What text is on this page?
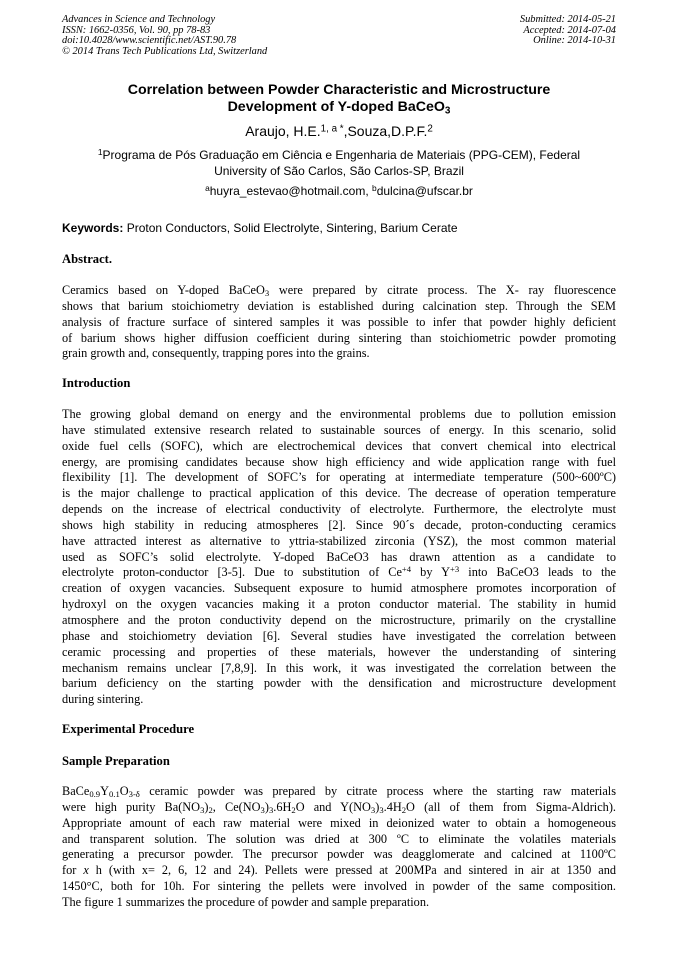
Advances in Science and Technology
ISSN: 1662-0356, Vol. 90, pp 78-83
doi:10.4028/www.scientific.net/AST.90.78
© 2014 Trans Tech Publications Ltd, Switzerland
Submitted: 2014-05-21
Accepted: 2014-07-04
Online: 2014-10-31
Correlation between Powder Characteristic and Microstructure
Development of Y-doped BaCeO$_3$
Araujo, H.E.$^{1, a *}$,Souza,D.P.F.$^2$
$^1$Programa de Pós Graduação em Ciência e Engenharia de Materiais (PPG-CEM), Federal
University of São Carlos, São Carlos-SP, Brazil
$^a$huyra_estevao@hotmail.com, $^b$dulcina@ufscar.br
Keywords: Proton Conductors, Solid Electrolyte, Sintering, Barium Cerate
Abstract.
Ceramics based on Y-doped BaCeO$_3$ were prepared by citrate process. The X- ray fluorescence
shows that barium stoichiometry deviation is established during calcination step. Through the SEM
analysis of fracture surface of sintered samples it was possible to infer that powder highly deficient
of barium shows higher diffusion coefficient during sintering than stoichiometric powder promoting
grain growth and, consequently, trapping pores into the grains.
Introduction
The growing global demand on energy and the environmental problems due to pollution emission
have stimulated extensive research related to sustainable sources of energy. In this scenario, solid
oxide fuel cells (SOFC), which are electrochemical devices that convert chemical into electrical
energy, are promising candidates because show high efficiency and wide application range with fuel
flexibility [1]. The development of SOFC’s for operating at intermediate temperature (500~600ºC)
is the major challenge to practical application of this device. The decrease of operation temperature
depends on the increase of electrical conductivity of electrolyte. Furthermore, the electrolyte must
shows high stability in reducing atmospheres [2]. Since 90´s decade, proton-conducting ceramics
have attracted interest as alternative to yttria-stabilized zirconia (YSZ), the most common material
used as SOFC’s solid electrolyte. Y-doped BaCeO3 has drawn attention as a candidate to
electrolyte proton-conductor [3-5]. Due to substitution of $Ce^{+4}$ by $Y^{+3}$ into BaCeO3 leads to the
creation of oxygen vacancies. Subsequent exposure to humid atmosphere promotes incorporation of
hydroxyl on the oxygen vacancies making it a proton conductor material. The stability in humid
atmosphere and the proton conductivity depend on the microstructure, primarily on the crystalline
phase and stoichiometry deviation [6]. Several studies have investigated the correlation between
ceramic processing and properties of these materials, however the understanding of sintering
mechanism remains unclear [7,8,9]. In this work, it was investigated the correlation between the
barium deficiency on the starting powder with the densification and microstructure development
during sintering.
Experimental Procedure
Sample Preparation
$BaCe_{0.9}Y_{0.1}O_{3-\delta}$ ceramic powder was prepared by citrate process where the starting raw materials
were high purity $Ba(NO_3)_2$, $Ce(NO_3)_3.6H_2O$ and $Y(NO_3)_3.4H_2O$ (all of them from Sigma-Aldrich).
Appropriate amount of each raw material were mixed in deionized water to obtain a homogeneous
and transparent solution. The solution was dried at 300 ºC to eliminate the volatiles materials
generating a precursor powder. The precursor powder was deagglomerate and calcined at 1100ºC
for x h (with x= 2, 6, 12 and 24). Pellets were pressed at 200MPa and sintered in air at 1350 and
1450°C, both for 10h. For sintering the pellets were involved in powder of the same composition.
The figure 1 summarizes the procedure of powder and sample preparation.
